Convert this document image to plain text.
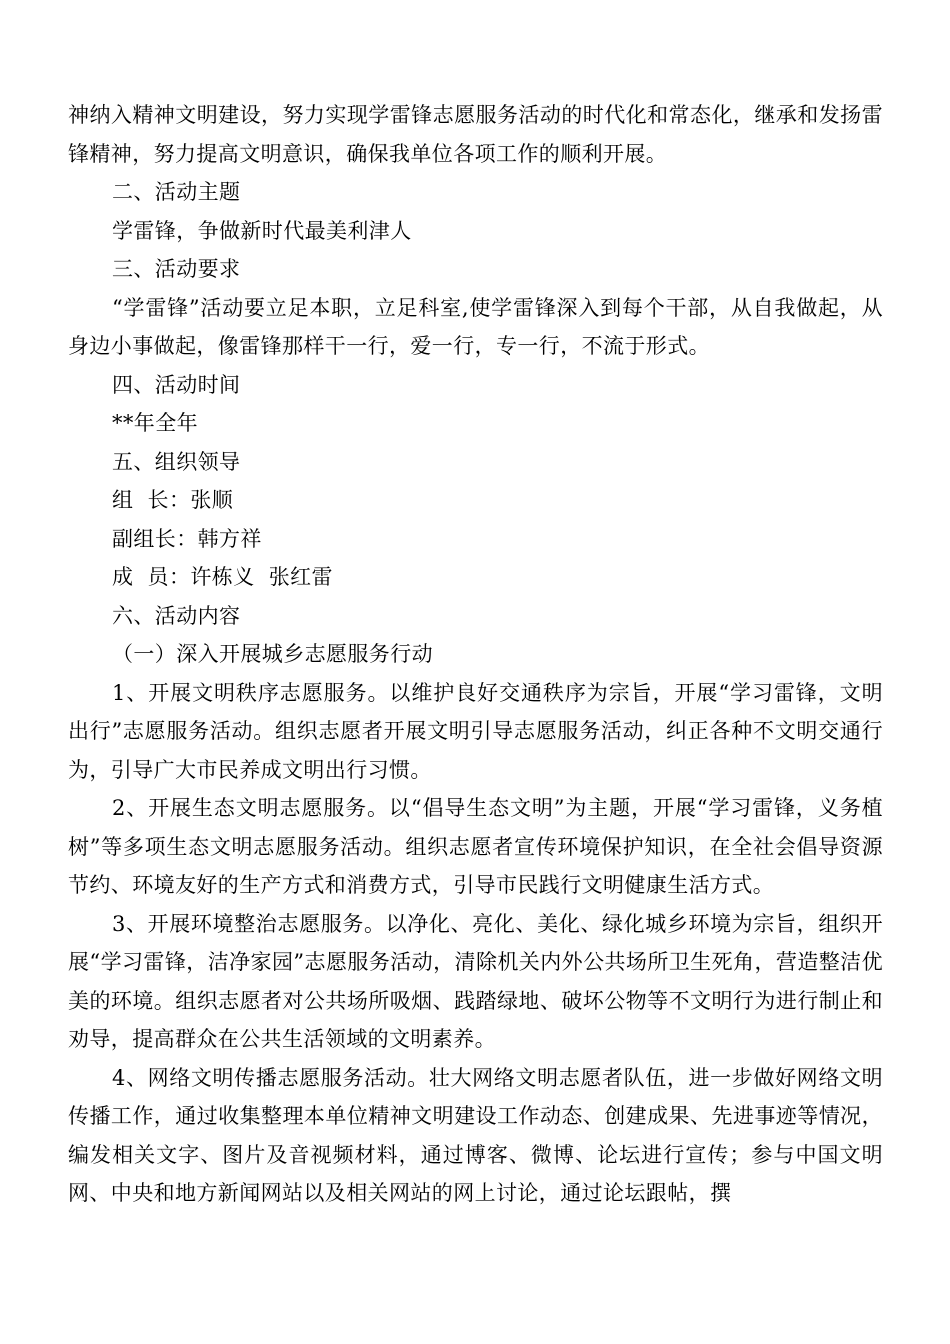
神纳入精神文明建设，努力实现学雷锋志愿服务活动的时代化和常态化，继承和发扬雷锋精神，努力提高文明意识，确保我单位各项工作的顺利开展。

二、活动主题

学雷锋，争做新时代最美利津人

三、活动要求

“学雷锋”活动要立足本职，立足科室,使学雷锋深入到每个干部，从自我做起，从身边小事做起，像雷锋那样干一行，爱一行，专一行，不流于形式。

四、活动时间

**年全年

五、组织领导

组  长：张顺

副组长：韩方祥

成  员：许栋义  张红雷

六、活动内容

（一）深入开展城乡志愿服务行动

1、开展文明秩序志愿服务。以维护良好交通秩序为宗旨，开展“学习雷锋，文明出行”志愿服务活动。组织志愿者开展文明引导志愿服务活动，纠正各种不文明交通行为，引导广大市民养成文明出行习惯。

2、开展生态文明志愿服务。以“倡导生态文明”为主题，开展“学习雷锋，义务植树”等多项生态文明志愿服务活动。组织志愿者宣传环境保护知识，在全社会倡导资源节约、环境友好的生产方式和消费方式，引导市民践行文明健康生活方式。

3、开展环境整治志愿服务。以净化、亮化、美化、绿化城乡环境为宗旨，组织开展“学习雷锋，洁净家园”志愿服务活动，清除机关内外公共场所卫生死角，营造整洁优美的环境。组织志愿者对公共场所吸烟、践踏绿地、破坏公物等不文明行为进行制止和劝导，提高群众在公共生活领域的文明素养。

4、网络文明传播志愿服务活动。壮大网络文明志愿者队伍，进一步做好网络文明传播工作，通过收集整理本单位精神文明建设工作动态、创建成果、先进事迹等情况，编发相关文字、图片及音视频材料，通过博客、微博、论坛进行宣传；参与中国文明网、中央和地方新闻网站以及相关网站的网上讨论，通过论坛跟帖，撰
